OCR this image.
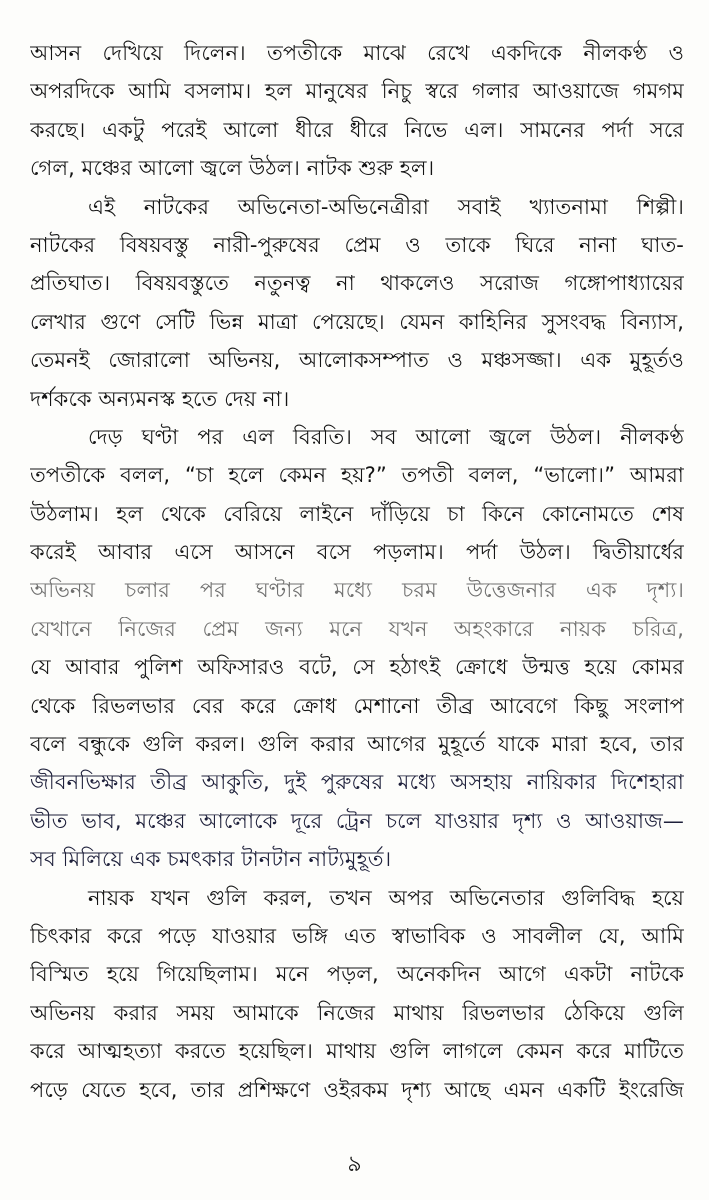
আসন দেখিয়ে দিলেন। তপতীকে মাঝে রেখে একদিকে নীলকণ্ঠ ও
অপরদিকে আমি বসলাম। হল মানুষের নিচু স্বরে গলার আওয়াজে গমগম
করছে। একটু পরেই আলো ধীরে ধীরে নিভে এল। সামনের পর্দা সরে
গেল, মঞ্চের আলো জ্বলে উঠল। নাটক শুরু হল।
এই নাটকের অভিনেতা-অভিনেত্রীরা সবাই খ্যাতনামা শিল্পী।
নাটকের বিষয়বস্তু নারী-পুরুষের প্রেম ও তাকে ঘিরে নানা ঘাত-
প্রতিঘাত। বিষয়বস্তুতে নতুনত্ব না থাকলেও সরোজ গঙ্গোপাধ্যায়ের
লেখার গুণে সেটি ভিন্ন মাত্রা পেয়েছে। যেমন কাহিনির সুসংবদ্ধ বিন্যাস,
তেমনই জোরালো অভিনয়, আলোকসম্পাত ও মঞ্চসজ্জা। এক মুহূর্তও
দর্শককে অন্যমনস্ক হতে দেয় না।
দেড় ঘণ্টা পর এল বিরতি। সব আলো জ্বলে উঠল। নীলকণ্ঠ
তপতীকে বলল, “চা হলে কেমন হয়?” তপতী বলল, “ভালো।” আমরা
উঠলাম। হল থেকে বেরিয়ে লাইনে দাঁড়িয়ে চা কিনে কোনোমতে শেষ
করেই আবার এসে আসনে বসে পড়লাম। পর্দা উঠল। দ্বিতীয়ার্ধের
অভিনয় চলার পর ঘণ্টার মধ্যে চরম উত্তেজনার এক দৃশ্য।
যেখানে নিজের প্রেম জন্য মনে যখন অহংকারে নায়ক চরিত্র,
যে আবার পুলিশ অফিসারও বটে, সে হঠাৎই ক্রোধে উন্মত্ত হয়ে কোমর
থেকে রিভলভার বের করে ক্রোধ মেশানো তীব্র আবেগে কিছু সংলাপ
বলে বন্ধুকে গুলি করল। গুলি করার আগের মুহূর্তে যাকে মারা হবে, তার
জীবনভিক্ষার তীব্র আকুতি, দুই পুরুষের মধ্যে অসহায় নায়িকার দিশেহারা
ভীত ভাব, মঞ্চের আলোকে দূরে ট্রেন চলে যাওয়ার দৃশ্য ও আওয়াজ—
সব মিলিয়ে এক চমৎকার টানটান নাট্যমুহূর্ত।
নায়ক যখন গুলি করল, তখন অপর অভিনেতার গুলিবিদ্ধ হয়ে
চিৎকার করে পড়ে যাওয়ার ভঙ্গি এত স্বাভাবিক ও সাবলীল যে, আমি
বিস্মিত হয়ে গিয়েছিলাম। মনে পড়ল, অনেকদিন আগে একটা নাটকে
অভিনয় করার সময় আমাকে নিজের মাথায় রিভলভার ঠেকিয়ে গুলি
করে আত্মহত্যা করতে হয়েছিল। মাথায় গুলি লাগলে কেমন করে মাটিতে
পড়ে যেতে হবে, তার প্রশিক্ষণে ওইরকম দৃশ্য আছে এমন একটি ইংরেজি
৯
